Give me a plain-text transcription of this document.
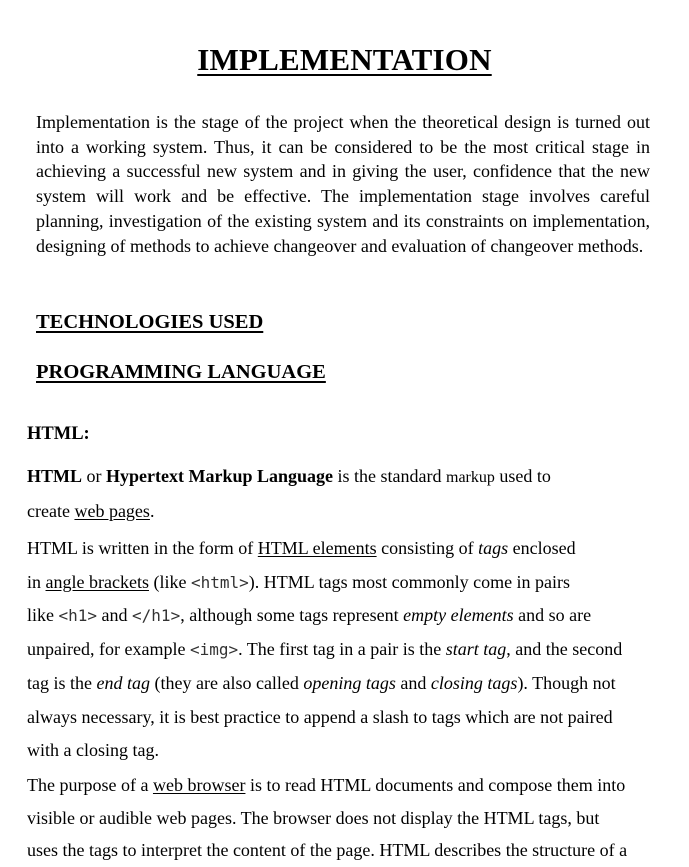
IMPLEMENTATION

Implementation is the stage of the project when the theoretical design is turned out into a working system. Thus, it can be considered to be the most critical stage in achieving a successful new system and in giving the user, confidence that the new system will work and be effective. The implementation stage involves careful planning, investigation of the existing system and its constraints on implementation, designing of methods to achieve changeover and evaluation of changeover methods.

TECHNOLOGIES USED
PROGRAMMING LANGUAGE
HTML:

HTML or Hypertext Markup Language is the standard markup used to
create web pages.

HTML is written in the form of HTML elements consisting of tags enclosed
in angle brackets (like <html>). HTML tags most commonly come in pairs
like <h1> and </h1>, although some tags represent empty elements and so are
unpaired, for example <img>. The first tag in a pair is the start tag, and the second
tag is the end tag (they are also called opening tags and closing tags). Though not
always necessary, it is best practice to append a slash to tags which are not paired
with a closing tag.

The purpose of a web browser is to read HTML documents and compose them into
visible or audible web pages. The browser does not display the HTML tags, but
uses the tags to interpret the content of the page. HTML describes the structure of a
